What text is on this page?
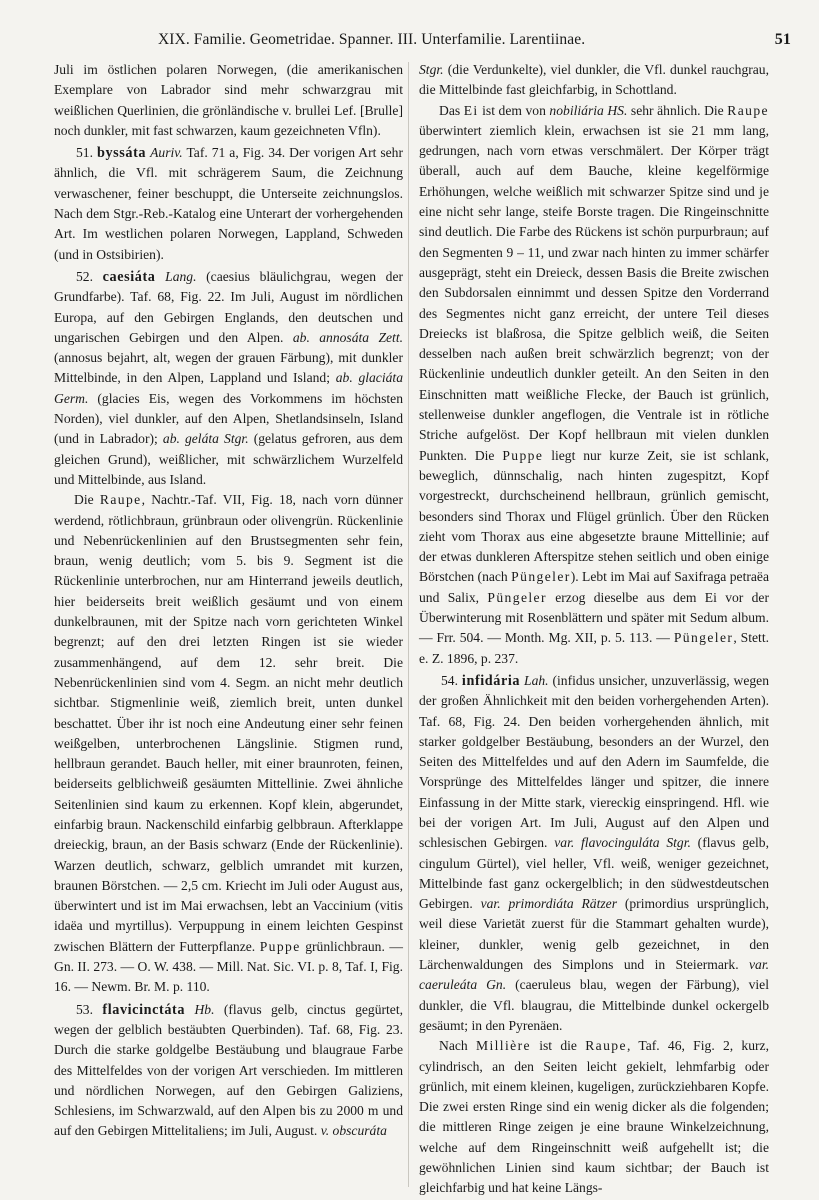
XIX. Familie. Geometridae. Spanner. III. Unterfamilie. Larentiinae.	51

Juli im östlichen polaren Norwegen, (die amerikanischen Exemplare von Labrador sind mehr schwarzgrau mit weißlichen Querlinien, die grönländische v. brullei Lef. [Brulle] noch dunkler, mit fast schwarzen, kaum gezeichneten Vfln).

51. byssáta Auriv. Taf. 71 a, Fig. 34. Der vorigen Art sehr ähnlich, die Vfl. mit schrägerem Saum, die Zeichnung verwaschener, feiner beschuppt, die Unterseite zeichnungslos. Nach dem Stgr.-Reb.-Katalog eine Unterart der vorhergehenden Art. Im westlichen polaren Norwegen, Lappland, Schweden (und in Ostsibirien).

52. caesiáta Lang. (caesius bläulichgrau, wegen der Grundfarbe). Taf. 68, Fig. 22. Im Juli, August im nördlichen Europa, auf den Gebirgen Englands, den deutschen und ungarischen Gebirgen und den Alpen. ab. annosáta Zett. (annosus bejahrt, alt, wegen der grauen Färbung), mit dunkler Mittelbinde, in den Alpen, Lappland und Island; ab. glaciáta Germ. (glacies Eis, wegen des Vorkommens im höchsten Norden), viel dunkler, auf den Alpen, Shetlandsinseln, Island (und in Labrador); ab. geláta Stgr. (gelatus gefroren, aus dem gleichen Grund), weißlicher, mit schwärzlichem Wurzelfeld und Mittelbinde, aus Island.

Die Raupe, Nachtr.-Taf. VII, Fig. 18, nach vorn dünner werdend, rötlichbraun, grünbraun oder olivengrün. Rückenlinie und Nebenrückenlinien auf den Brustsegmenten sehr fein, braun, wenig deutlich; vom 5. bis 9. Segment ist die Rückenlinie unterbrochen, nur am Hinterrand jeweils deutlich, hier beiderseits breit weißlich gesäumt und von einem dunkelbraunen, mit der Spitze nach vorn gerichteten Winkel begrenzt; auf den drei letzten Ringen ist sie wieder zusammenhängend, auf dem 12. sehr breit. Die Nebenrückenlinien sind vom 4. Segm. an nicht mehr deutlich sichtbar. Stigmenlinie weiß, ziemlich breit, unten dunkel beschattet. Über ihr ist noch eine Andeutung einer sehr feinen weißgelben, unterbrochenen Längslinie. Stigmen rund, hellbraun gerandet. Bauch heller, mit einer braunroten, feinen, beiderseits gelblichweiß gesäumten Mittellinie. Zwei ähnliche Seitenlinien sind kaum zu erkennen. Kopf klein, abgerundet, einfarbig braun. Nackenschild einfarbig gelbbraun. Afterklappe dreieckig, braun, an der Basis schwarz (Ende der Rückenlinie). Warzen deutlich, schwarz, gelblich umrandet mit kurzen, braunen Börstchen. — 2,5 cm. Kriecht im Juli oder August aus, überwintert und ist im Mai erwachsen, lebt an Vaccinium (vitis idaëa und myrtillus). Verpuppung in einem leichten Gespinst zwischen Blättern der Futterpflanze. Puppe grünlichbraun. — Gn. II. 273. — O. W. 438. — Mill. Nat. Sic. VI. p. 8, Taf. I, Fig. 16. — Newm. Br. M. p. 110.

53. flavicinctáta Hb. (flavus gelb, cinctus gegürtet, wegen der gelblich bestäubten Querbinden). Taf. 68, Fig. 23. Durch die starke goldgelbe Bestäubung und blaugraue Farbe des Mittelfeldes von der vorigen Art verschieden. Im mittleren und nördlichen Norwegen, auf den Gebirgen Galiziens, Schlesiens, im Schwarzwald, auf den Alpen bis zu 2000 m und auf den Gebirgen Mittelitaliens; im Juli, August. v. obscuráta

Stgr. (die Verdunkelte), viel dunkler, die Vfl. dunkel rauchgrau, die Mittelbinde fast gleichfarbig, in Schottland.

Das Ei ist dem von nobiliária HS. sehr ähnlich. Die Raupe überwintert ziemlich klein, erwachsen ist sie 21 mm lang, gedrungen, nach vorn etwas verschmälert. Der Körper trägt überall, auch auf dem Bauche, kleine kegelförmige Erhöhungen, welche weißlich mit schwarzer Spitze sind und je eine nicht sehr lange, steife Borste tragen. Die Ringeinschnitte sind deutlich. Die Farbe des Rückens ist schön purpurbraun; auf den Segmenten 9 – 11, und zwar nach hinten zu immer schärfer ausgeprägt, steht ein Dreieck, dessen Basis die Breite zwischen den Subdorsalen einnimmt und dessen Spitze den Vorderrand des Segmentes nicht ganz erreicht, der untere Teil dieses Dreiecks ist blaßrosa, die Spitze gelblich weiß, die Seiten desselben nach außen breit schwärzlich begrenzt; von der Rückenlinie undeutlich dunkler geteilt. An den Seiten in den Einschnitten matt weißliche Flecke, der Bauch ist grünlich, stellenweise dunkler angeflogen, die Ventrale ist in rötliche Striche aufgelöst. Der Kopf hellbraun mit vielen dunklen Punkten. Die Puppe liegt nur kurze Zeit, sie ist schlank, beweglich, dünnschalig, nach hinten zugespitzt, Kopf vorgestreckt, durchscheinend hellbraun, grünlich gemischt, besonders sind Thorax und Flügel grünlich. Über den Rücken zieht vom Thorax aus eine abgesetzte braune Mittellinie; auf der etwas dunkleren Afterspitze stehen seitlich und oben einige Börstchen (nach Püngeler). Lebt im Mai auf Saxifraga petraëa und Salix, Püngeler erzog dieselbe aus dem Ei vor der Überwinterung mit Rosenblättern und später mit Sedum album. — Frr. 504. — Month. Mg. XII, p. 5. 113. — Püngeler, Stett. e. Z. 1896, p. 237.

54. infidária Lah. (infidus unsicher, unzuverlässig, wegen der großen Ähnlichkeit mit den beiden vorhergehenden Arten). Taf. 68, Fig. 24. Den beiden vorhergehenden ähnlich, mit starker goldgelber Bestäubung, besonders an der Wurzel, den Seiten des Mittelfeldes und auf den Adern im Saumfelde, die Vorsprünge des Mittelfeldes länger und spitzer, die innere Einfassung in der Mitte stark, viereckig einspringend. Hfl. wie bei der vorigen Art. Im Juli, August auf den Alpen und schlesischen Gebirgen. var. flavocinguláta Stgr. (flavus gelb, cingulum Gürtel), viel heller, Vfl. weiß, weniger gezeichnet, Mittelbinde fast ganz ockergelblich; in den südwestdeutschen Gebirgen. var. primordiáta Rätzer (primordius ursprünglich, weil diese Varietät zuerst für die Stammart gehalten wurde), kleiner, dunkler, wenig gelb gezeichnet, in den Lärchenwaldungen des Simplons und in Steiermark. var. caeruleáta Gn. (caeruleus blau, wegen der Färbung), viel dunkler, die Vfl. blaugrau, die Mittelbinde dunkel ockergelb gesäumt; in den Pyrenäen.

Nach Millière ist die Raupe, Taf. 46, Fig. 2, kurz, cylindrisch, an den Seiten leicht gekielt, lehmfarbig oder grünlich, mit einem kleinen, kugeligen, zurückziehbaren Kopfe. Die zwei ersten Ringe sind ein wenig dicker als die folgenden; die mittleren Ringe zeigen je eine braune Winkelzeichnung, welche auf dem Ringeinschnitt weiß aufgehellt ist; die gewöhnlichen Linien sind kaum sichtbar; der Bauch ist gleichfarbig und hat keine Längs-
